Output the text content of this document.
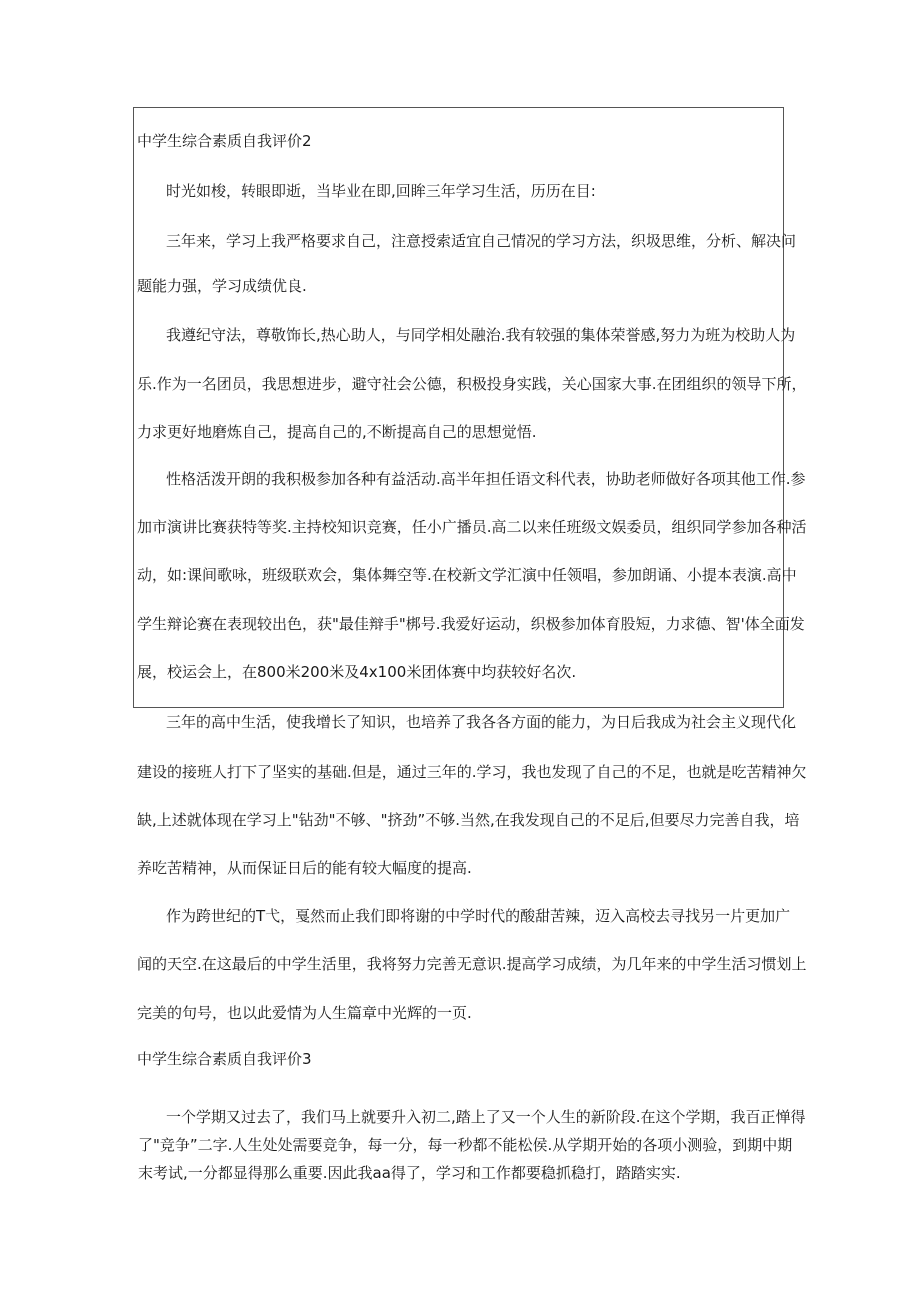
中学生综合素质自我评价2
时光如梭，转眼即逝，当毕业在即,回眸三年学习生活，历历在目:
三年来，学习上我严格要求自己，注意授索适宜自己情况的学习方法，织圾思维，分析、解决问
题能力强，学习成绩优良.
我遵纪守法，尊敬饰长,热心助人，与同学相处融治.我有较强的集体荣誉感,努力为班为校助人为
乐.作为一名团员，我思想进步，避守社会公德，积极投身实践，关心国家大事.在团组织的领导下所，
力求更好地磨炼自己，提高自己的,不断提高自己的思想觉悟.
性格活泼开朗的我积极参加各种有益活动.高半年担任语文科代表，协助老师做好各项其他工作.参
加市演讲比赛获特等奖.主持校知识竞赛，任小广播员.高二以来任班级文娱委员，组织同学参加各种活
动，如:课间歌咏，班级联欢会，集体舞空等.在校新文学汇演中任领唱，参加朗诵、小提本表演.高中
学生辩论赛在表现较出色，获"最佳辩手"梆号.我爱好运动，织极参加体育股短，力求德、智'体全面发
展，校运会上，在800米200米及4x100米团体赛中均获较好名次.
三年的高中生活，使我增长了知识，也培养了我各各方面的能力，为日后我成为社会主义现代化
建设的接班人打下了坚实的基础.但是，通过三年的.学习，我也发现了自己的不足，也就是吃苦精神欠
缺,上述就体现在学习上"钻劲"不够、"挤劲”不够.当然,在我发现自己的不足后,但要尽力完善自我，培
养吃苦精神，从而保证日后的能有较大幅度的提高.
作为跨世纪的T弋，戛然而止我们即将谢的中学时代的酸甜苦辣，迈入高校去寻找另一片更加广
闻的天空.在这最后的中学生活里，我将努力完善无意识.提高学习成绩，为几年来的中学生活习惯划上
完美的句号，也以此爱情为人生篇章中光辉的一页.
中学生综合素质自我评价3
一个学期又过去了，我们马上就要升入初二,踏上了又一个人生的新阶段.在这个学期，我百正惮得
了"竞争”二字.人生处处需要竞争，每一分，每一秒都不能松侯.从学期开始的各项小测验，到期中期
末考试,一分都显得那么重要.因此我aa得了，学习和工作都要稳抓稳打，踏踏实实.
